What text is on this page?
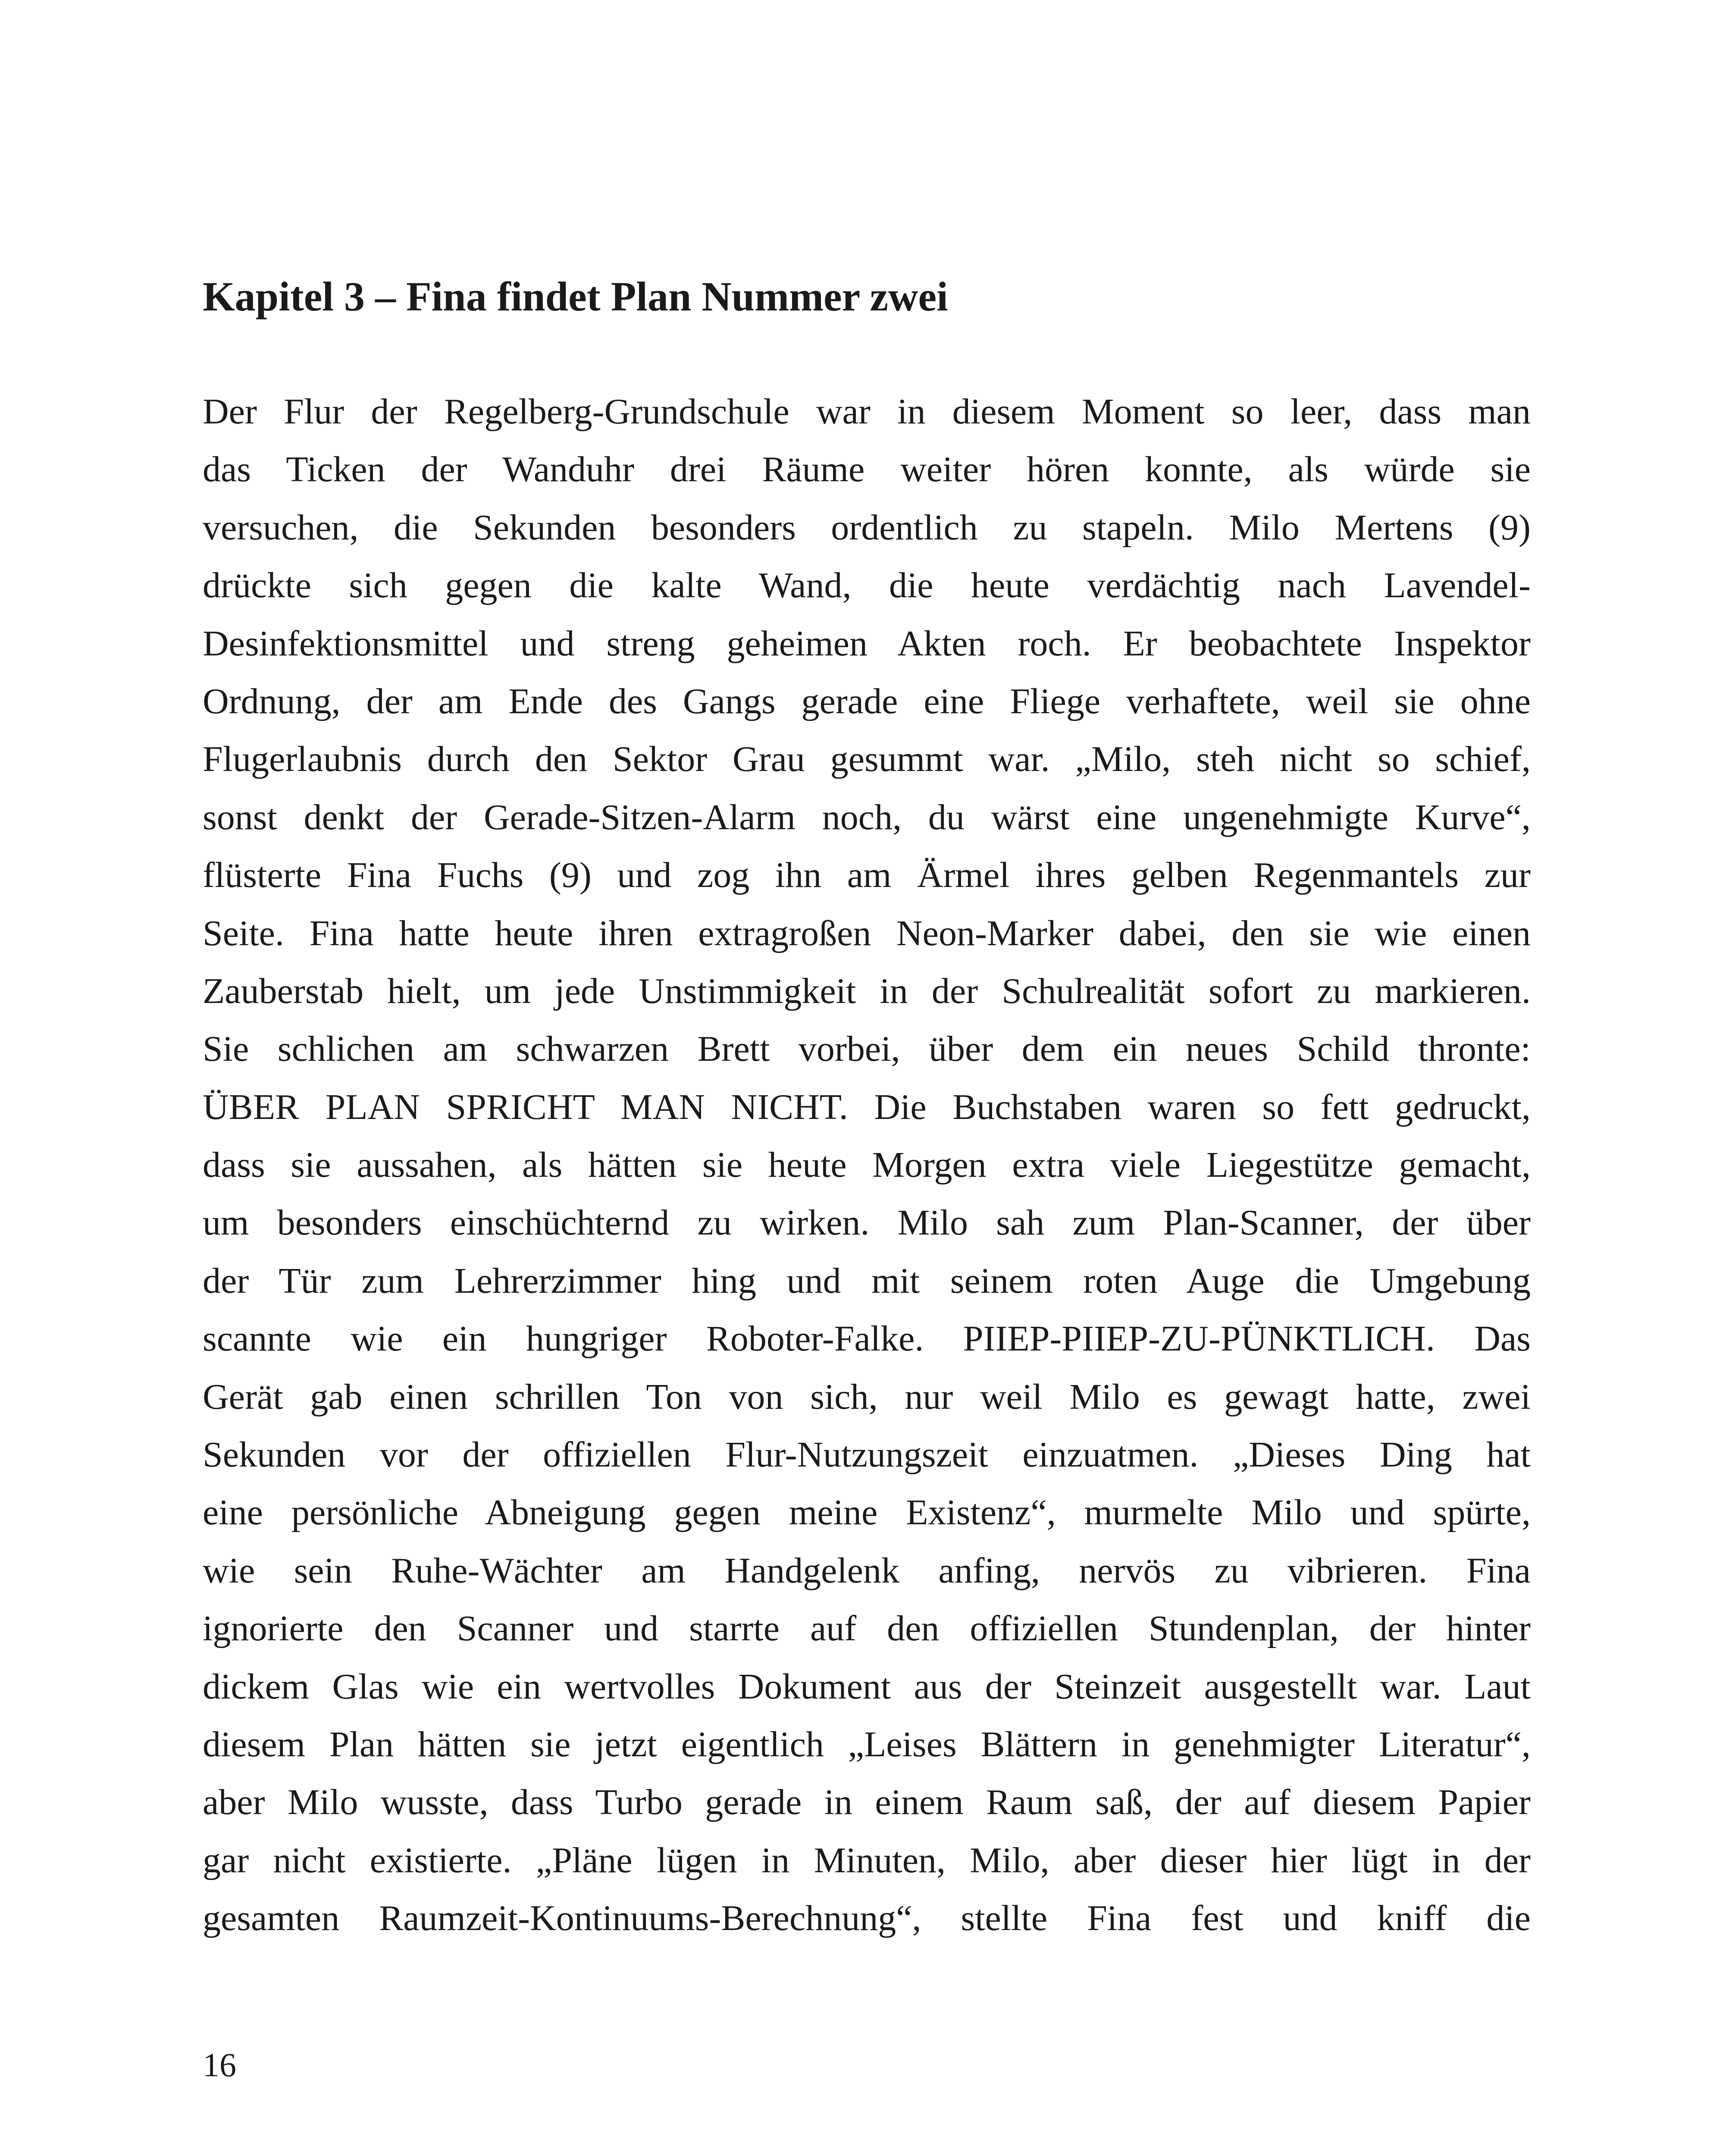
Kapitel 3 – Fina findet Plan Nummer zwei
Der Flur der Regelberg-Grundschule war in diesem Moment so leer, dass man
das Ticken der Wanduhr drei Räume weiter hören konnte, als würde sie
versuchen, die Sekunden besonders ordentlich zu stapeln. Milo Mertens (9)
drückte sich gegen die kalte Wand, die heute verdächtig nach Lavendel-
Desinfektionsmittel und streng geheimen Akten roch. Er beobachtete Inspektor
Ordnung, der am Ende des Gangs gerade eine Fliege verhaftete, weil sie ohne
Flugerlaubnis durch den Sektor Grau gesummt war. „Milo, steh nicht so schief,
sonst denkt der Gerade-Sitzen-Alarm noch, du wärst eine ungenehmigte Kurve“,
flüsterte Fina Fuchs (9) und zog ihn am Ärmel ihres gelben Regenmantels zur
Seite. Fina hatte heute ihren extragroßen Neon-Marker dabei, den sie wie einen
Zauberstab hielt, um jede Unstimmigkeit in der Schulrealität sofort zu markieren.
Sie schlichen am schwarzen Brett vorbei, über dem ein neues Schild thronte:
ÜBER PLAN SPRICHT MAN NICHT. Die Buchstaben waren so fett gedruckt,
dass sie aussahen, als hätten sie heute Morgen extra viele Liegestütze gemacht,
um besonders einschüchternd zu wirken. Milo sah zum Plan-Scanner, der über
der Tür zum Lehrerzimmer hing und mit seinem roten Auge die Umgebung
scannte wie ein hungriger Roboter-Falke. PIIEP-PIIEP-ZU-PÜNKTLICH. Das
Gerät gab einen schrillen Ton von sich, nur weil Milo es gewagt hatte, zwei
Sekunden vor der offiziellen Flur-Nutzungszeit einzuatmen. „Dieses Ding hat
eine persönliche Abneigung gegen meine Existenz“, murmelte Milo und spürte,
wie sein Ruhe-Wächter am Handgelenk anfing, nervös zu vibrieren. Fina
ignorierte den Scanner und starrte auf den offiziellen Stundenplan, der hinter
dickem Glas wie ein wertvolles Dokument aus der Steinzeit ausgestellt war. Laut
diesem Plan hätten sie jetzt eigentlich „Leises Blättern in genehmigter Literatur“,
aber Milo wusste, dass Turbo gerade in einem Raum saß, der auf diesem Papier
gar nicht existierte. „Pläne lügen in Minuten, Milo, aber dieser hier lügt in der
gesamten Raumzeit-Kontinuums-Berechnung“, stellte Fina fest und kniff die

16
